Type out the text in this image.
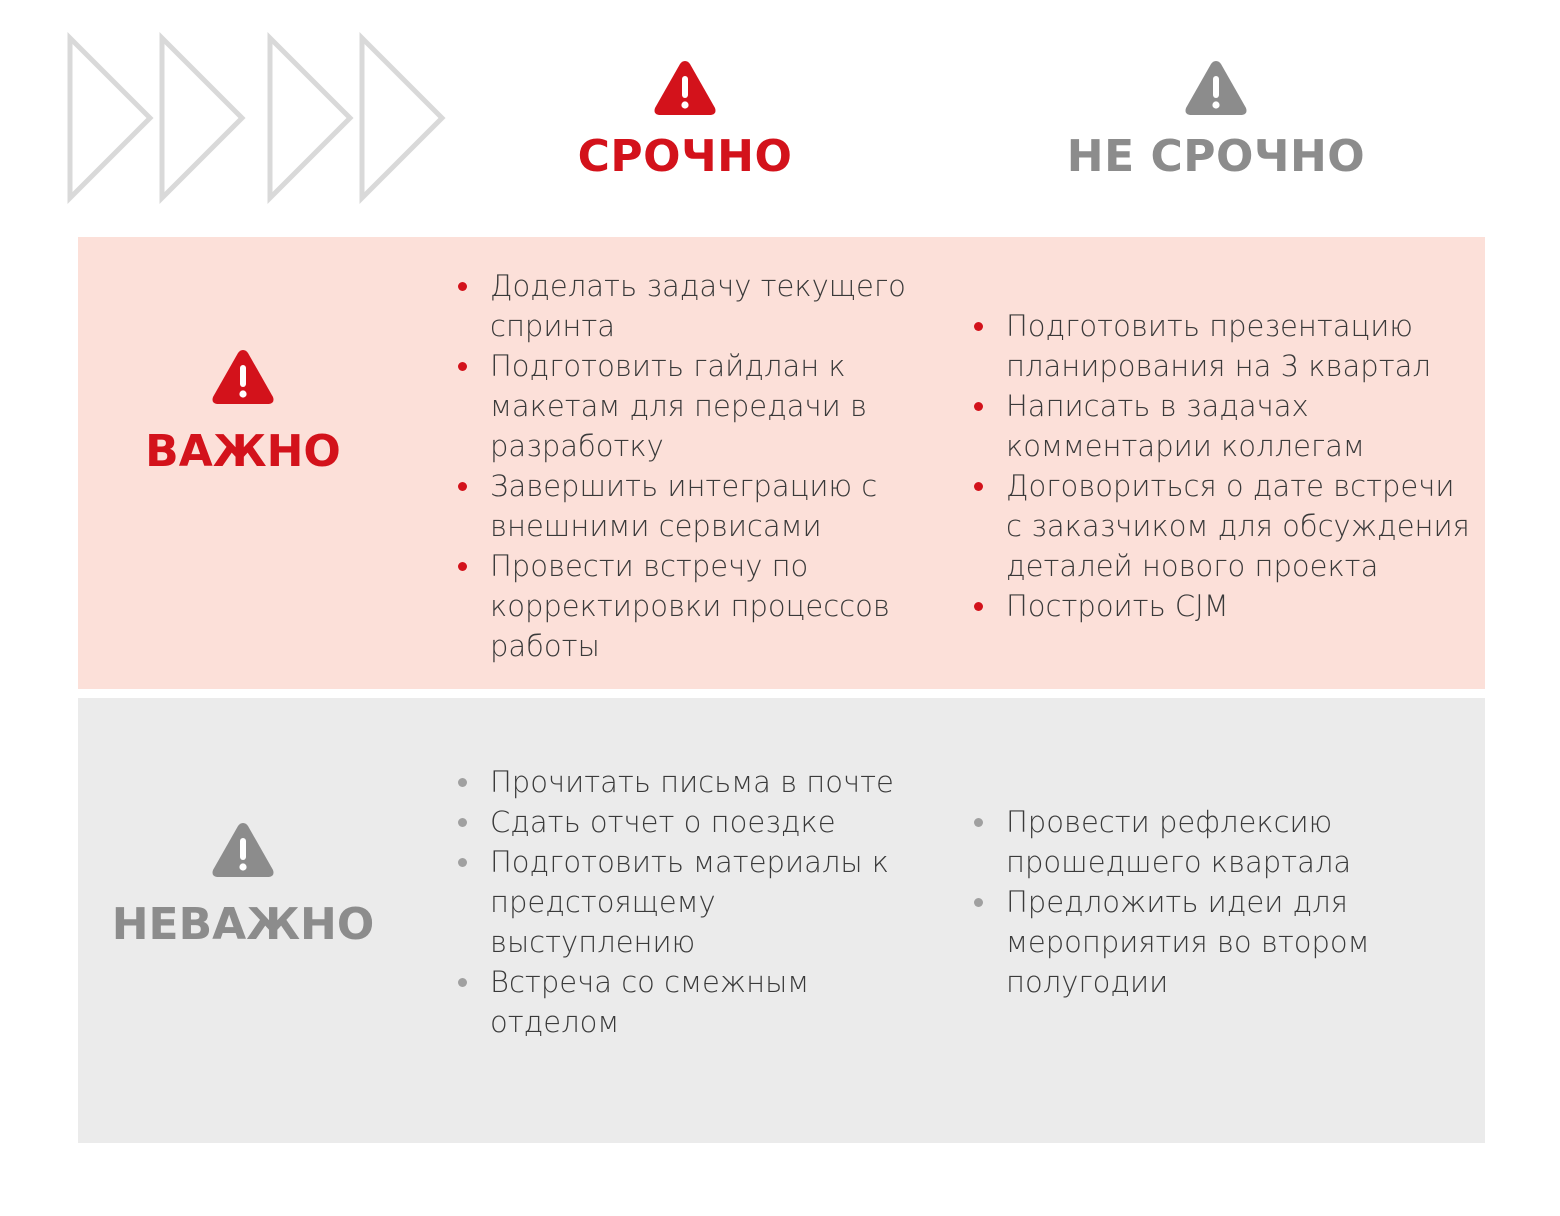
СРОЧНО	НЕ СРОЧНО
ВАЖНО
Доделать задачу текущего спринта
Подготовить гайдлан к макетам для передачи в разработку
Завершить интеграцию с внешними сервисами
Провести встречу по корректировки процессов работы
Подготовить презентацию планирования на 3 квартал
Написать в задачах комментарии коллегам
Договориться о дате встречи с заказчиком для обсуждения деталей нового проекта
Построить CJM
НЕВАЖНО
Прочитать письма в почте
Сдать отчет о поездке
Подготовить материалы к предстоящему выступлению
Встреча со смежным отделом
Провести рефлексию прошедшего квартала
Предложить идеи для мероприятия во втором полугодии
